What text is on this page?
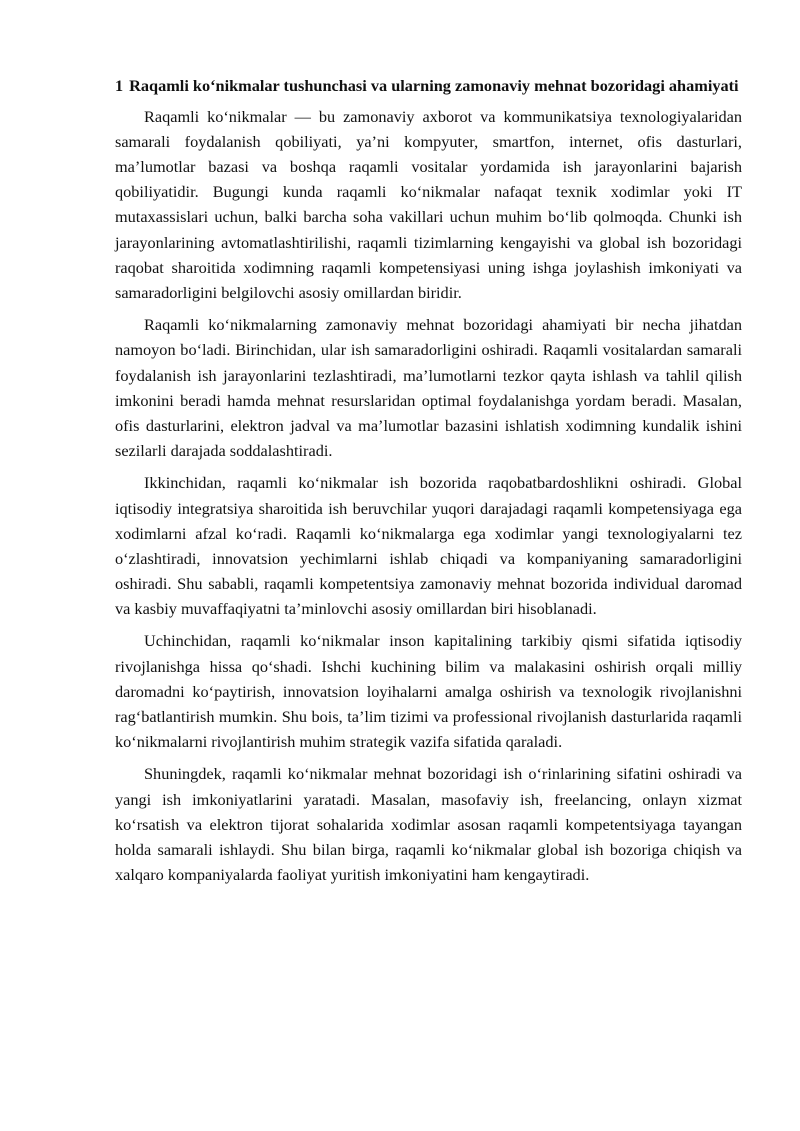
1 Raqamli ko‘nikmalar tushunchasi va ularning zamonaviy mehnat bozoridagi ahamiyati

Raqamli ko‘nikmalar — bu zamonaviy axborot va kommunikatsiya texnologiyalaridan samarali foydalanish qobiliyati, ya’ni kompyuter, smartfon, internet, ofis dasturlari, ma’lumotlar bazasi va boshqa raqamli vositalar yordamida ish jarayonlarini bajarish qobiliyatidir. Bugungi kunda raqamli ko‘nikmalar nafaqat texnik xodimlar yoki IT mutaxassislari uchun, balki barcha soha vakillari uchun muhim bo‘lib qolmoqda. Chunki ish jarayonlarining avtomatlashtirilishi, raqamli tizimlarning kengayishi va global ish bozoridagi raqobat sharoitida xodimning raqamli kompetensiyasi uning ishga joylashish imkoniyati va samaradorligini belgilovchi asosiy omillardan biridir.

Raqamli ko‘nikmalarning zamonaviy mehnat bozoridagi ahamiyati bir necha jihatdan namoyon bo‘ladi. Birinchidan, ular ish samaradorligini oshiradi. Raqamli vositalardan samarali foydalanish ish jarayonlarini tezlashtiradi, ma’lumotlarni tezkor qayta ishlash va tahlil qilish imkonini beradi hamda mehnat resurslaridan optimal foydalanishga yordam beradi. Masalan, ofis dasturlarini, elektron jadval va ma’lumotlar bazasini ishlatish xodimning kundalik ishini sezilarli darajada soddalashtiradi.

Ikkinchidan, raqamli ko‘nikmalar ish bozorida raqobatbardoshlikni oshiradi. Global iqtisodiy integratsiya sharoitida ish beruvchilar yuqori darajadagi raqamli kompetensiyaga ega xodimlarni afzal ko‘radi. Raqamli ko‘nikmalarga ega xodimlar yangi texnologiyalarni tez o‘zlashtiradi, innovatsion yechimlarni ishlab chiqadi va kompaniyaning samaradorligini oshiradi. Shu sababli, raqamli kompetentsiya zamonaviy mehnat bozorida individual daromad va kasbiy muvaffaqiyatni ta’minlovchi asosiy omillardan biri hisoblanadi.

Uchinchidan, raqamli ko‘nikmalar inson kapitalining tarkibiy qismi sifatida iqtisodiy rivojlanishga hissa qo‘shadi. Ishchi kuchining bilim va malakasini oshirish orqali milliy daromadni ko‘paytirish, innovatsion loyihalarni amalga oshirish va texnologik rivojlanishni rag‘batlantirish mumkin. Shu bois, ta’lim tizimi va professional rivojlanish dasturlarida raqamli ko‘nikmalarni rivojlantirish muhim strategik vazifa sifatida qaraladi.

Shuningdek, raqamli ko‘nikmalar mehnat bozoridagi ish o‘rinlarining sifatini oshiradi va yangi ish imkoniyatlarini yaratadi. Masalan, masofaviy ish, freelancing, onlayn xizmat ko‘rsatish va elektron tijorat sohalarida xodimlar asosan raqamli kompetentsiyaga tayangan holda samarali ishlaydi. Shu bilan birga, raqamli ko‘nikmalar global ish bozoriga chiqish va xalqaro kompaniyalarda faoliyat yuritish imkoniyatini ham kengaytiradi.
